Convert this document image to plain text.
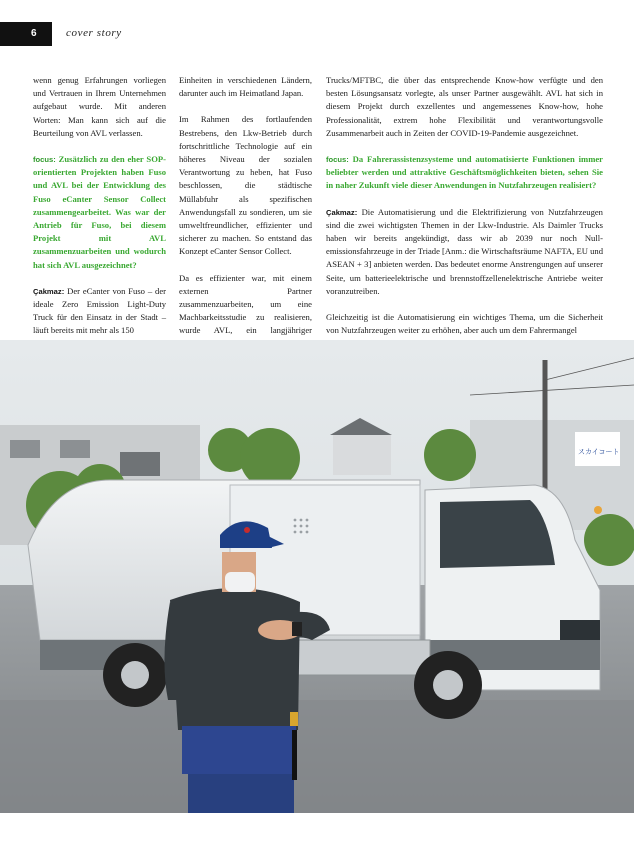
6	cover story

wenn genug Erfahrungen vorliegen und Vertrauen in Ihrem Unternehmen aufgebaut wurde. Mit anderen Worten: Man kann sich auf die Beurteilung von AVL verlassen.

focus: Zusätzlich zu den eher SOP-orientierten Projekten haben Fuso und AVL bei der Entwicklung des Fuso eCanter Sensor Collect zusammengearbeitet. Was war der Antrieb für Fuso, bei diesem Projekt mit AVL zusammenzuarbeiten und wodurch hat sich AVL ausgezeichnet?

Çakmaz: Der eCanter von Fuso – der ideale Zero Emission Light-Duty Truck für den Einsatz in der Stadt – läuft bereits mit mehr als 150

Einheiten in verschiedenen Ländern, darunter auch im Heimatland Japan.

Im Rahmen des fortlaufenden Bestrebens, den Lkw-Betrieb durch fortschrittliche Technologie auf ein höheres Niveau der sozialen Verantwortung zu heben, hat Fuso beschlossen, die städtische Müllabfuhr als spezifischen Anwendungsfall zu sondieren, um sie umweltfreundlicher, effizienter und sicherer zu machen. So entstand das Konzept eCanter Sensor Collect.

Da es effizienter war, mit einem externen Partner zusammenzuarbeiten, um eine Machbarkeitsstudie zu realisieren, wurde AVL, ein langjähriger

Trucks/MFTBC, die über das entsprechende Know-how verfügte und den besten Lösungsansatz vorlegte, als unser Partner ausgewählt. AVL hat sich in diesem Projekt durch exzellentes und angemessenes Know-how, hohe Professionalität, extrem hohe Flexibilität und verantwortungsvolle Zusammenarbeit auch in Zeiten der COVID-19-Pandemie ausgezeichnet.

focus: Da Fahrerassistenzsysteme und automatisierte Funktionen immer beliebter werden und attraktive Geschäftsmöglichkeiten bieten, sehen Sie in naher Zukunft viele dieser Anwendungen in Nutzfahrzeugen realisiert?

Çakmaz: Die Automatisierung und die Elektrifizierung von Nutzfahrzeugen sind die zwei wichtigsten Themen in der Lkw-Industrie. Als Daimler Trucks haben wir bereits angekündigt, dass wir ab 2039 nur noch Null-emissionsfahrzeuge in der Triade [Anm.: die Wirtschaftsräume NAFTA, EU und ASEAN + 3] anbieten werden. Das bedeutet enorme Anstrengungen auf unserer Seite, um batterieelektrische und brennstoffzellenelektrische Antriebe weiter voranzutreiben.

Gleichzeitig ist die Automatisierung ein wichtiges Thema, um die Sicherheit von Nutzfahrzeugen weiter zu erhöhen, aber auch um dem Fahrermangel

スカイコート
